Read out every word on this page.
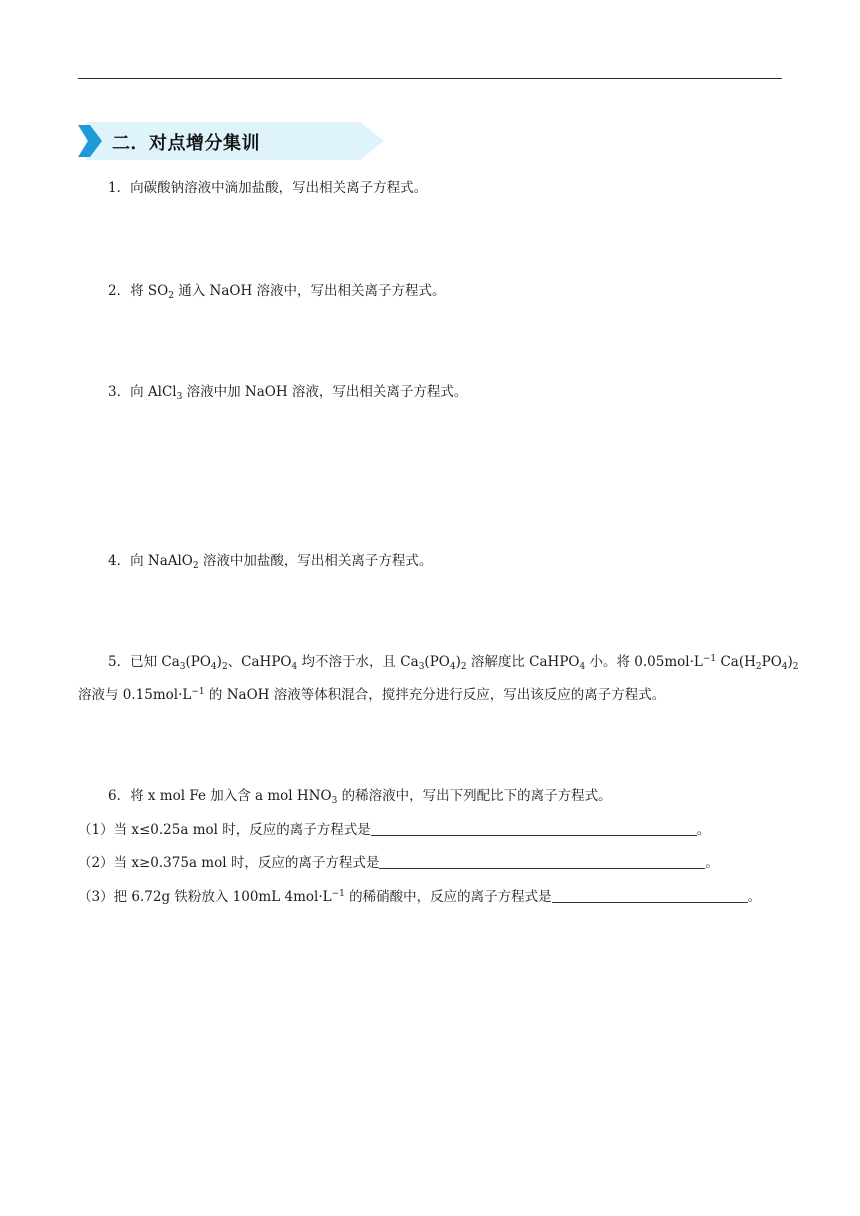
二．对点增分集训
1．向碳酸钠溶液中滴加盐酸，写出相关离子方程式。
2．将 $SO_2$ 通入 NaOH 溶液中，写出相关离子方程式。
3．向 AlCl$_3$ 溶液中加 NaOH 溶液，写出相关离子方程式。
4．向 NaAlO$_2$ 溶液中加盐酸，写出相关离子方程式。
5．已知 $Ca_3(PO_4)_2$、CaHPO$_4$ 均不溶于水，且 $Ca_3(PO_4)_2$ 溶解度比 CaHPO$_4$ 小。将 $0.05mol\cdot L^{-1}$ $Ca(H_2PO_4)_2$
溶液与 $0.15mol\cdot L^{-1}$ 的 NaOH 溶液等体积混合，搅拌充分进行反应，写出该反应的离子方程式。
6．将 x mol Fe 加入含 a mol $HNO_3$ 的稀溶液中，写出下列配比下的离子方程式。
（1）当 x≤0.25a mol 时，反应的离子方程式是	。
（2）当 x≥0.375a mol 时，反应的离子方程式是	。
（3）把 6.72g 铁粉放入 100mL $4mol\cdot L^{-1}$ 的稀硝酸中，反应的离子方程式是	。
